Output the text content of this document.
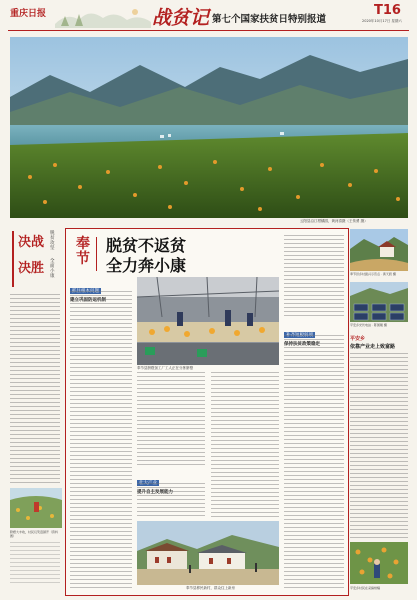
重庆日报	战贫记 第七个国家扶贫日特别报道
T16
2020年10月17日 星期六
云阳县沿江柑橘园，黄河清摄（王传勇 摄）
决战
决胜
脱贫攻坚
全面小康
脐橙大丰收，村民们笑逐颜开（资料图）
奉节
脱贫不返贫
全力奔小康
抓住根本问题
建立巩固防返机制
奉节县脐橙加工厂工人正在分拣脐橙
壮大产业
提升自主发展能力
奉节县移民新村，群众住上新房
补齐短板弱项
保持扶贫政策稳定
奉节县乡村振兴示范点 · 黄天毅 摄
平安乡光伏电站 · 陈国刚 摄
平安乡
依靠产业走上致富路
平安乡村民在采摘柑橘
